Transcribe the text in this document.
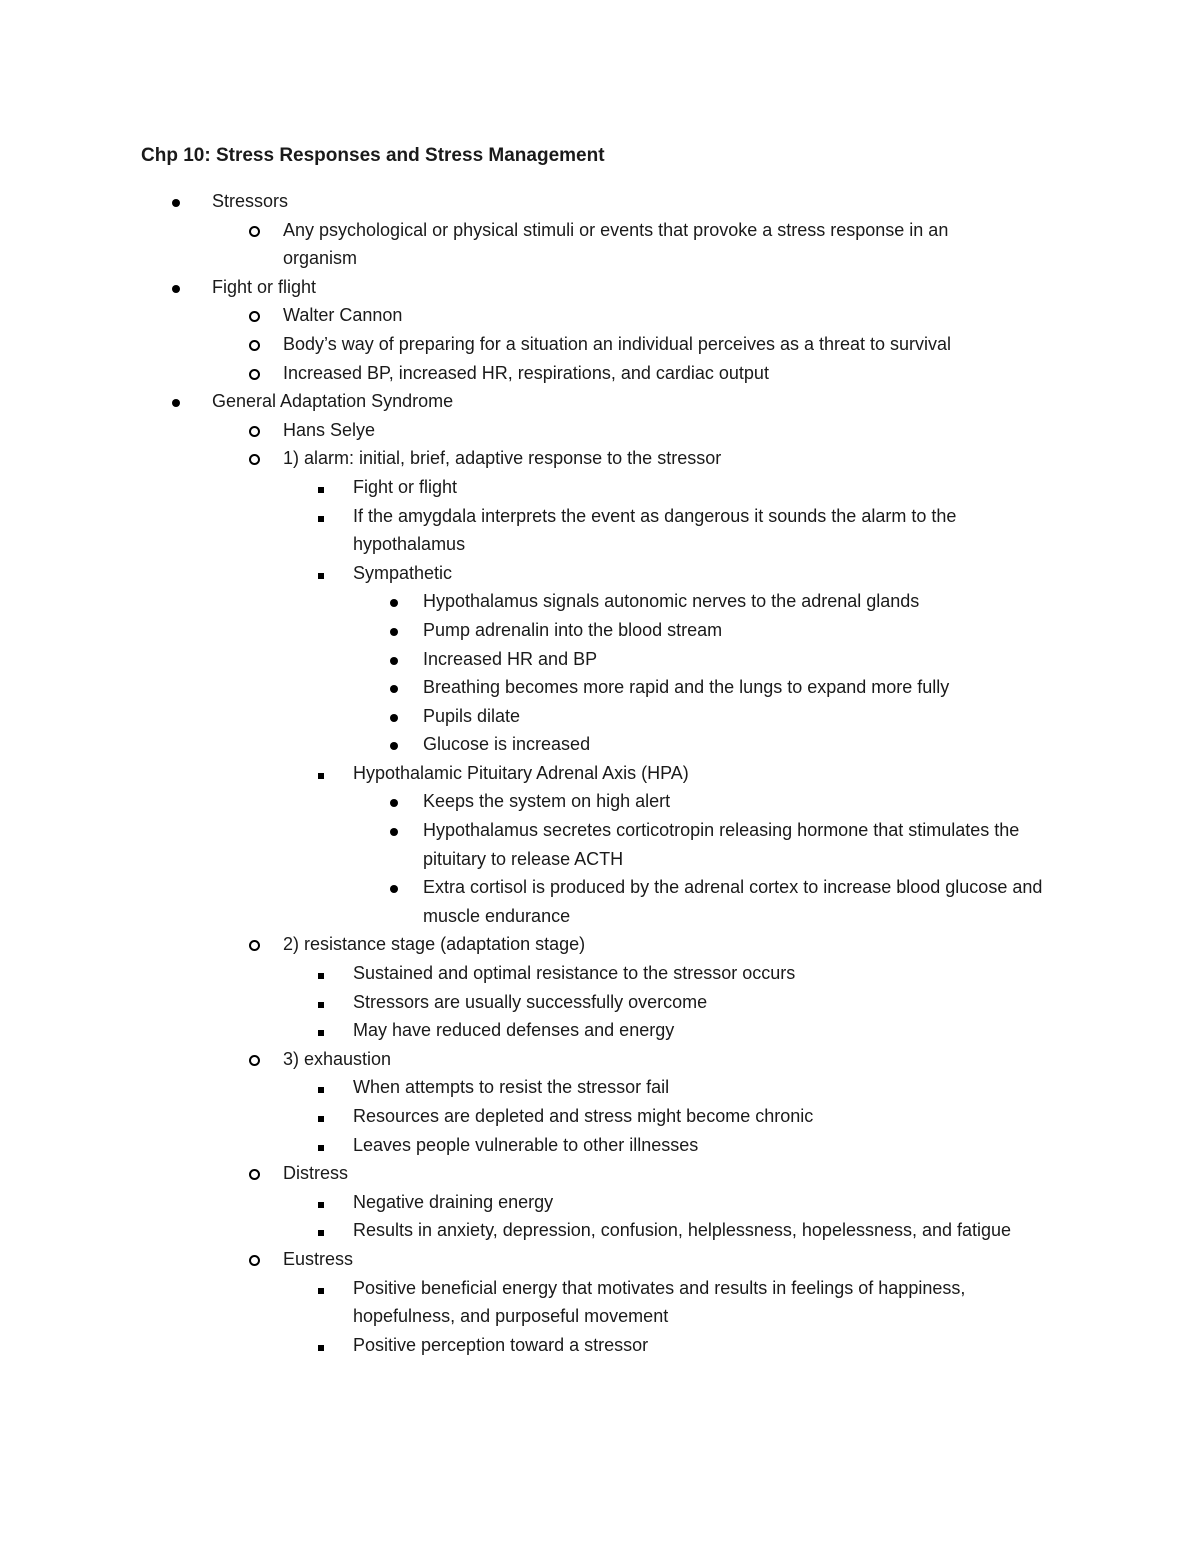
Chp 10: Stress Responses and Stress Management
Stressors
Any psychological or physical stimuli or events that provoke a stress response in an organism
Fight or flight
Walter Cannon
Body’s way of preparing for a situation an individual perceives as a threat to survival
Increased BP, increased HR, respirations, and cardiac output
General Adaptation Syndrome
Hans Selye
1) alarm: initial, brief, adaptive response to the stressor
Fight or flight
If the amygdala interprets the event as dangerous it sounds the alarm to the hypothalamus
Sympathetic
Hypothalamus signals autonomic nerves to the adrenal glands
Pump adrenalin into the blood stream
Increased HR and BP
Breathing becomes more rapid and the lungs to expand more fully
Pupils dilate
Glucose is increased
Hypothalamic Pituitary Adrenal Axis (HPA)
Keeps the system on high alert
Hypothalamus secretes corticotropin releasing hormone that stimulates the pituitary to release ACTH
Extra cortisol is produced by the adrenal cortex to increase blood glucose and muscle endurance
2) resistance stage (adaptation stage)
Sustained and optimal resistance to the stressor occurs
Stressors are usually successfully overcome
May have reduced defenses and energy
3) exhaustion
When attempts to resist the stressor fail
Resources are depleted and stress might become chronic
Leaves people vulnerable to other illnesses
Distress
Negative draining energy
Results in anxiety, depression, confusion, helplessness, hopelessness, and fatigue
Eustress
Positive beneficial energy that motivates and results in feelings of happiness, hopefulness, and purposeful movement
Positive perception toward a stressor
